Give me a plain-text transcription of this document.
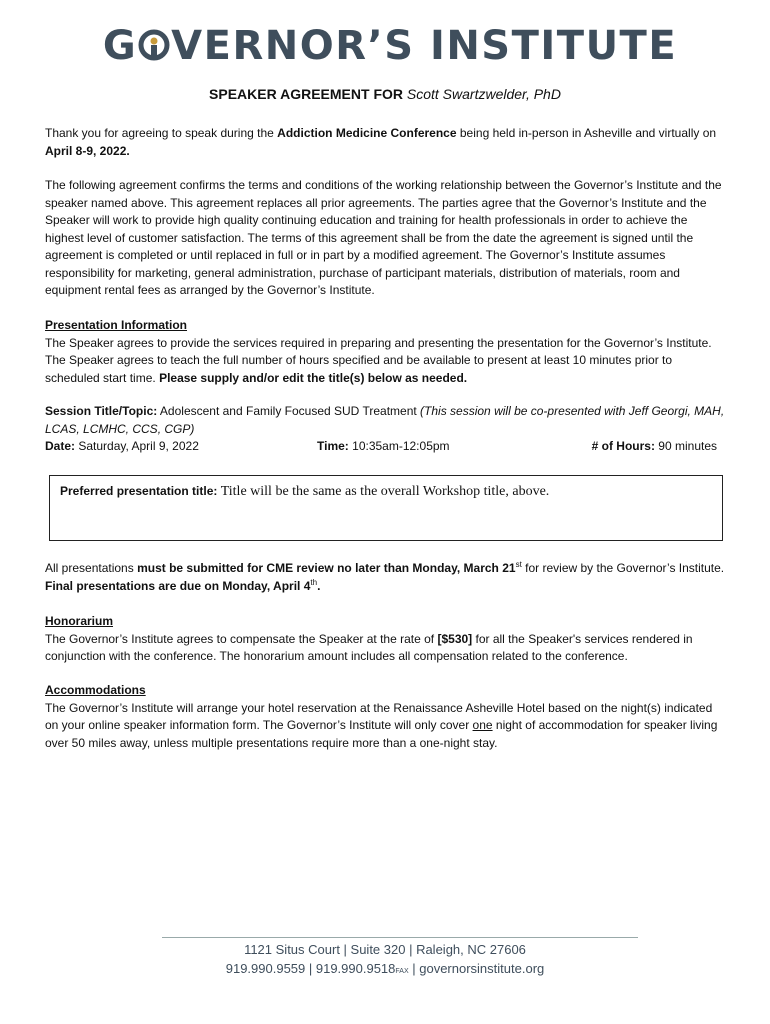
G VERNOR’S INSTITUTE
SPEAKER AGREEMENT FOR Scott Swartzwelder, PhD
Thank you for agreeing to speak during the Addiction Medicine Conference being held in-person in Asheville and virtually on April 8-9, 2022.
The following agreement confirms the terms and conditions of the working relationship between the Governor’s Institute and the speaker named above. This agreement replaces all prior agreements. The parties agree that the Governor’s Institute and the Speaker will work to provide high quality continuing education and training for health professionals in order to achieve the highest level of customer satisfaction. The terms of this agreement shall be from the date the agreement is signed until the agreement is completed or until replaced in full or in part by a modified agreement. The Governor’s Institute assumes responsibility for marketing, general administration, purchase of participant materials, distribution of materials, room and equipment rental fees as arranged by the Governor’s Institute.
Presentation Information
The Speaker agrees to provide the services required in preparing and presenting the presentation for the Governor’s Institute. The Speaker agrees to teach the full number of hours specified and be available to present at least 10 minutes prior to scheduled start time. Please supply and/or edit the title(s) below as needed.
Session Title/Topic: Adolescent and Family Focused SUD Treatment (This session will be co-presented with Jeff Georgi, MAH, LCAS, LCMHC, CCS, CGP)
Date: Saturday, April 9, 2022	Time: 10:35am-12:05pm	# of Hours: 90 minutes
Preferred presentation title: Title will be the same as the overall Workshop title, above.
All presentations must be submitted for CME review no later than Monday, March 21st for review by the Governor’s Institute. Final presentations are due on Monday, April 4th.
Honorarium
The Governor’s Institute agrees to compensate the Speaker at the rate of [$530] for all the Speaker's services rendered in conjunction with the conference. The honorarium amount includes all compensation related to the conference.
Accommodations
The Governor’s Institute will arrange your hotel reservation at the Renaissance Asheville Hotel based on the night(s) indicated on your online speaker information form. The Governor’s Institute will only cover one night of accommodation for speaker living over 50 miles away, unless multiple presentations require more than a one-night stay.
1121 Situs Court | Suite 320 | Raleigh, NC 27606
919.990.9559 | 919.990.9518FAX | governorsinstitute.org
